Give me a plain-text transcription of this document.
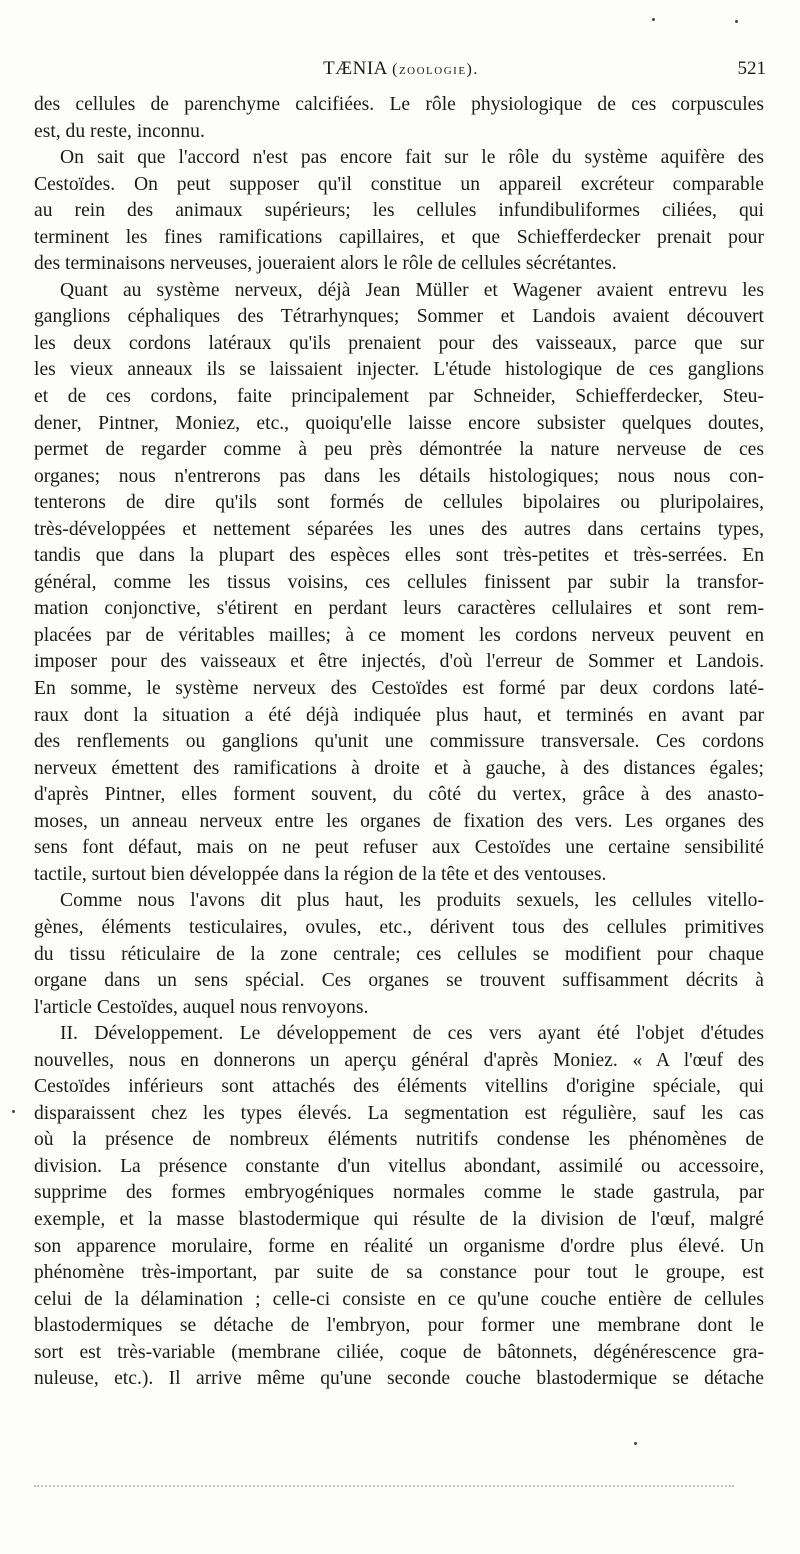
TÆNIA (zoologie).	521
des cellules de parenchyme calcifiées. Le rôle physiologique de ces corpuscules
est, du reste, inconnu.
On sait que l'accord n'est pas encore fait sur le rôle du système aquifère des
Cestoïdes. On peut supposer qu'il constitue un appareil excréteur comparable
au rein des animaux supérieurs; les cellules infundibuliformes ciliées, qui
terminent les fines ramifications capillaires, et que Schiefferdecker prenait pour
des terminaisons nerveuses, joueraient alors le rôle de cellules sécrétantes.
Quant au système nerveux, déjà Jean Müller et Wagener avaient entrevu les
ganglions céphaliques des Tétrarhynques; Sommer et Landois avaient découvert
les deux cordons latéraux qu'ils prenaient pour des vaisseaux, parce que sur
les vieux anneaux ils se laissaient injecter. L'étude histologique de ces ganglions
et de ces cordons, faite principalement par Schneider, Schiefferdecker, Steu-
dener, Pintner, Moniez, etc., quoiqu'elle laisse encore subsister quelques doutes,
permet de regarder comme à peu près démontrée la nature nerveuse de ces
organes; nous n'entrerons pas dans les détails histologiques; nous nous con-
tenterons de dire qu'ils sont formés de cellules bipolaires ou pluripolaires,
très-développées et nettement séparées les unes des autres dans certains types,
tandis que dans la plupart des espèces elles sont très-petites et très-serrées. En
général, comme les tissus voisins, ces cellules finissent par subir la transfor-
mation conjonctive, s'étirent en perdant leurs caractères cellulaires et sont rem-
placées par de véritables mailles; à ce moment les cordons nerveux peuvent en
imposer pour des vaisseaux et être injectés, d'où l'erreur de Sommer et Landois.
En somme, le système nerveux des Cestoïdes est formé par deux cordons laté-
raux dont la situation a été déjà indiquée plus haut, et terminés en avant par
des renflements ou ganglions qu'unit une commissure transversale. Ces cordons
nerveux émettent des ramifications à droite et à gauche, à des distances égales;
d'après Pintner, elles forment souvent, du côté du vertex, grâce à des anasto-
moses, un anneau nerveux entre les organes de fixation des vers. Les organes des
sens font défaut, mais on ne peut refuser aux Cestoïdes une certaine sensibilité
tactile, surtout bien développée dans la région de la tête et des ventouses.
Comme nous l'avons dit plus haut, les produits sexuels, les cellules vitello-
gènes, éléments testiculaires, ovules, etc., dérivent tous des cellules primitives
du tissu réticulaire de la zone centrale; ces cellules se modifient pour chaque
organe dans un sens spécial. Ces organes se trouvent suffisamment décrits à
l'article Cestoïdes, auquel nous renvoyons.
II. Développement. Le développement de ces vers ayant été l'objet d'études
nouvelles, nous en donnerons un aperçu général d'après Moniez. « A l'œuf des
Cestoïdes inférieurs sont attachés des éléments vitellins d'origine spéciale, qui
disparaissent chez les types élevés. La segmentation est régulière, sauf les cas
où la présence de nombreux éléments nutritifs condense les phénomènes de
division. La présence constante d'un vitellus abondant, assimilé ou accessoire,
supprime des formes embryogéniques normales comme le stade gastrula, par
exemple, et la masse blastodermique qui résulte de la division de l'œuf, malgré
son apparence morulaire, forme en réalité un organisme d'ordre plus élevé. Un
phénomène très-important, par suite de sa constance pour tout le groupe, est
celui de la délamination ; celle-ci consiste en ce qu'une couche entière de cellules
blastodermiques se détache de l'embryon, pour former une membrane dont le
sort est très-variable (membrane ciliée, coque de bâtonnets, dégénérescence gra-
nuleuse, etc.). Il arrive même qu'une seconde couche blastodermique se détache
